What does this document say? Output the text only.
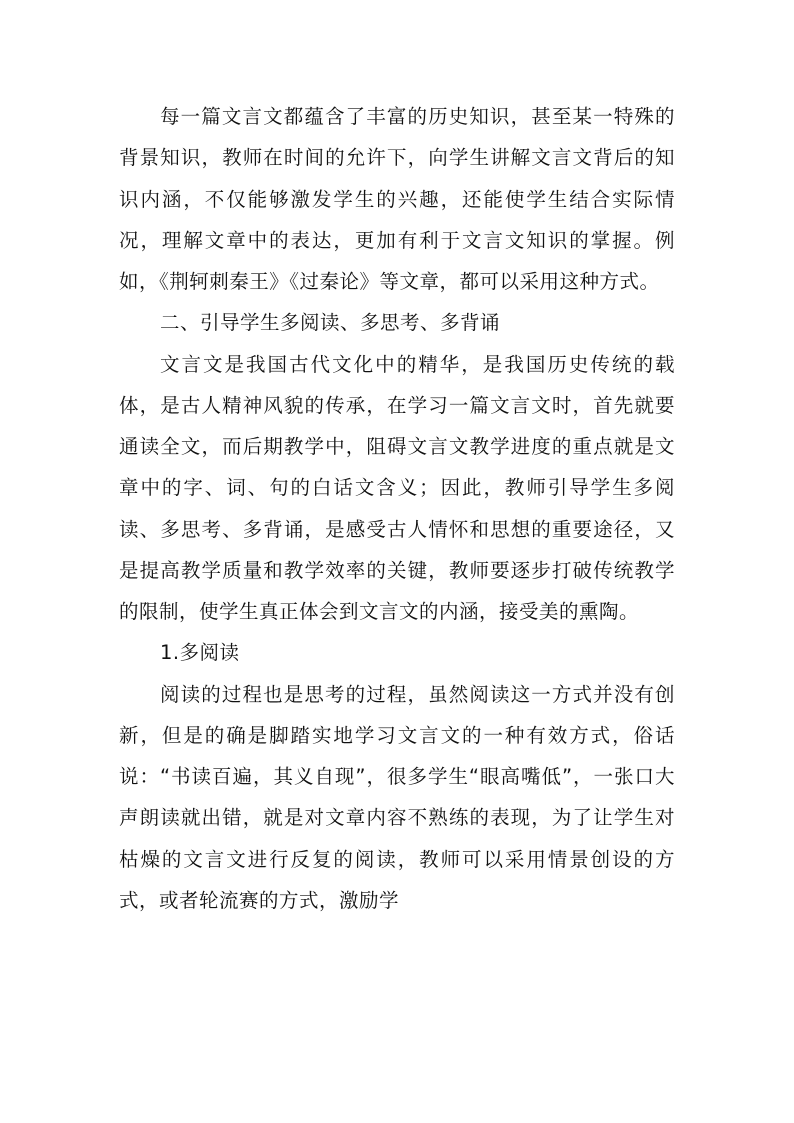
每一篇文言文都蕴含了丰富的历史知识，甚至某一特殊的背景知识，教师在时间的允许下，向学生讲解文言文背后的知识内涵，不仅能够激发学生的兴趣，还能使学生结合实际情况，理解文章中的表达，更加有利于文言文知识的掌握。例如，《荆轲刺秦王》《过秦论》等文章，都可以采用这种方式。

二、引导学生多阅读、多思考、多背诵

文言文是我国古代文化中的精华，是我国历史传统的载体，是古人精神风貌的传承，在学习一篇文言文时，首先就要通读全文，而后期教学中，阻碍文言文教学进度的重点就是文章中的字、词、句的白话文含义；因此，教师引导学生多阅读、多思考、多背诵，是感受古人情怀和思想的重要途径，又是提高教学质量和教学效率的关键，教师要逐步打破传统教学的限制，使学生真正体会到文言文的内涵，接受美的熏陶。

1.多阅读

阅读的过程也是思考的过程，虽然阅读这一方式并没有创新，但是的确是脚踏实地学习文言文的一种有效方式，俗话说：“书读百遍，其义自现”，很多学生“眼高嘴低”，一张口大声朗读就出错，就是对文章内容不熟练的表现，为了让学生对枯燥的文言文进行反复的阅读，教师可以采用情景创设的方式，或者轮流赛的方式，激励学
